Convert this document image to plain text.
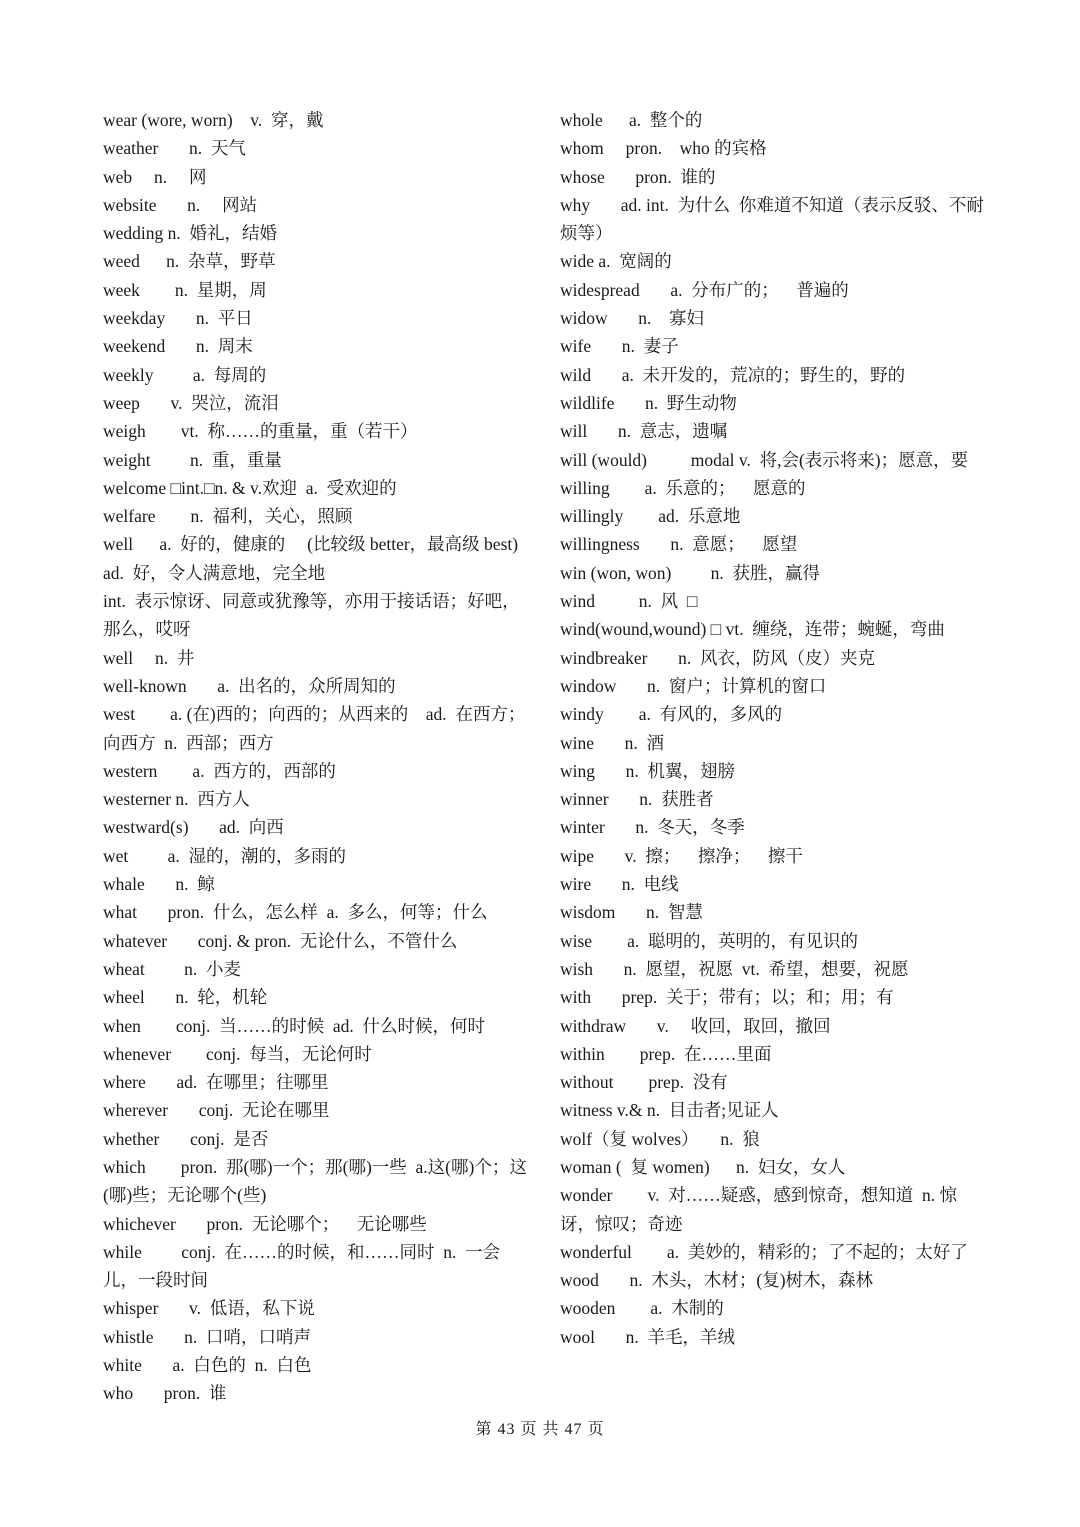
wear (wore, worn)    v.  穿，戴

weather       n.  天气

web     n.     网

website       n.     网站

wedding n.  婚礼，结婚

weed      n.  杂草，野草

week        n.  星期，周

weekday       n.  平日

weekend       n.  周末

weekly         a.  每周的

weep       v.  哭泣，流泪

weigh        vt.  称……的重量，重（若干）

weight         n.  重，重量

welcome □int.□n. & v.欢迎  a.  受欢迎的

welfare        n.  福利，关心，照顾

well      a.  好的，健康的     (比较级 better，最高级 best)    ad.  好，令人满意地，完全地

int.  表示惊讶、同意或犹豫等，亦用于接话语；好吧，那么，哎呀

well     n.  井

well-known       a.  出名的，众所周知的

west        a. (在)西的；向西的；从西来的    ad.  在西方；向西方  n.  西部；西方

western        a.  西方的，西部的

westerner n.  西方人

westward(s)       ad.  向西

wet         a.  湿的，潮的，多雨的

whale       n.  鲸

what       pron.  什么，怎么样  a.  多么，何等；什么

whatever       conj. & pron.  无论什么，不管什么

wheat         n.  小麦

wheel       n.  轮，机轮

when        conj.  当……的时候  ad.  什么时候，何时

whenever        conj.  每当，无论何时

where       ad.  在哪里；往哪里

wherever       conj.  无论在哪里

whether       conj.  是否

which        pron.  那(哪)一个；那(哪)一些  a.这(哪)个；这(哪)些；无论哪个(些)

whichever       pron.  无论哪个；    无论哪些

while         conj.  在……的时候，和……同时  n.  一会儿，一段时间

whisper       v.  低语，私下说

whistle       n.  口哨，口哨声

white       a.  白色的  n.  白色

who       pron.  谁

whole      a.  整个的

whom     pron.    who 的宾格

whose       pron.  谁的

why       ad. int.  为什么  你难道不知道（表示反驳、不耐烦等）

wide a.  宽阔的

widespread       a.  分布广的；    普遍的

widow       n.    寡妇

wife       n.  妻子

wild       a.  未开发的，荒凉的；野生的，野的

wildlife       n.  野生动物

will       n.  意志，遗嘱

will (would)          modal v.  将,会(表示将来)；愿意，要

willing        a.  乐意的；    愿意的

willingly        ad.  乐意地

willingness       n.  意愿；    愿望

win (won, won)         n.  获胜，赢得

wind          n.  风  □

wind(wound,wound) □ vt.  缠绕，连带；蜿蜒，弯曲

windbreaker       n.  风衣，防风（皮）夹克

window       n.  窗户；计算机的窗口

windy        a.  有风的，多风的

wine       n.  酒

wing       n.  机翼，翅膀

winner       n.  获胜者

winter       n.  冬天，冬季

wipe       v.  擦；    擦净；    擦干

wire       n.  电线

wisdom       n.  智慧

wise        a.  聪明的，英明的，有见识的

wish       n.  愿望，祝愿  vt.  希望，想要，祝愿

with       prep.  关于；带有；以；和；用；有

withdraw       v.     收回，取回，撤回

within        prep.  在……里面

without        prep.  没有

witness v.& n.  目击者;见证人

wolf（复 wolves）     n.  狼

woman (  复 women)      n.  妇女，女人

wonder        v.  对……疑惑，感到惊奇，想知道  n. 惊讶，惊叹；奇迹

wonderful        a.  美妙的，精彩的；了不起的；太好了

wood       n.  木头，木材；(复)树木，森林

wooden        a.  木制的

wool       n.  羊毛，羊绒

第 43 页 共 47 页
